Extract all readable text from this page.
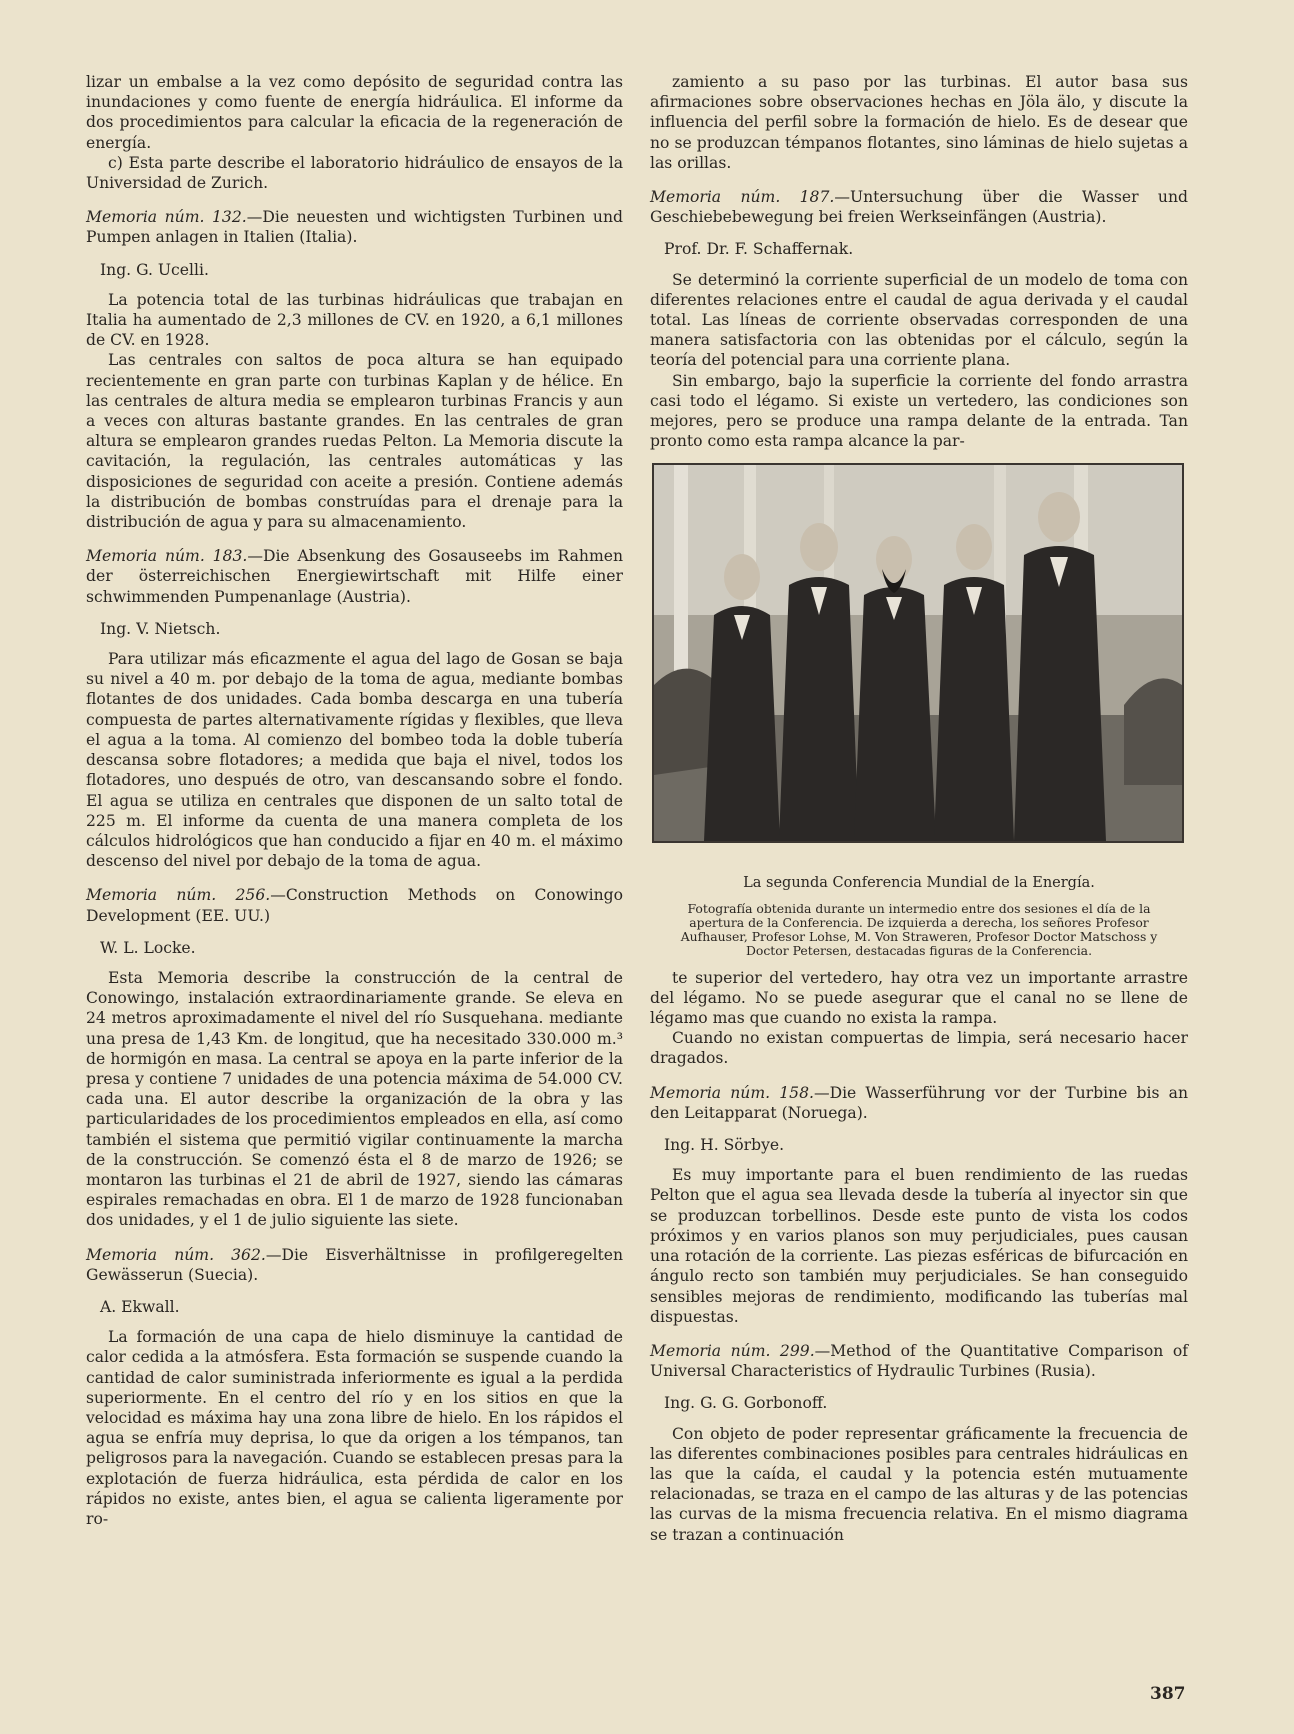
lizar un embalse a la vez como depósito de seguridad contra las inundaciones y como fuente de energía hidráulica. El informe da dos procedimientos para calcular la eficacia de la regeneración de energía.

c) Esta parte describe el laboratorio hidráulico de ensayos de la Universidad de Zurich.

Memoria núm. 132.—Die neuesten und wichtigsten Turbinen und Pumpen anlagen in Italien (Italia).

Ing. G. Ucelli.

La potencia total de las turbinas hidráulicas que trabajan en Italia ha aumentado de 2,3 millones de CV. en 1920, a 6,1 millones de CV. en 1928.

Las centrales con saltos de poca altura se han equipado recientemente en gran parte con turbinas Kaplan y de hélice. En las centrales de altura media se emplearon turbinas Francis y aun a veces con alturas bastante grandes. En las centrales de gran altura se emplearon grandes ruedas Pelton. La Memoria discute la cavitación, la regulación, las centrales automáticas y las disposiciones de seguridad con aceite a presión. Contiene además la distribución de bombas construídas para el drenaje para la distribución de agua y para su almacenamiento.

Memoria núm. 183.—Die Absenkung des Gosauseebs im Rahmen der österreichischen Energiewirtschaft mit Hilfe einer schwimmenden Pumpenanlage (Austria).

Ing. V. Nietsch.

Para utilizar más eficazmente el agua del lago de Gosan se baja su nivel a 40 m. por debajo de la toma de agua, mediante bombas flotantes de dos unidades. Cada bomba descarga en una tubería compuesta de partes alternativamente rígidas y flexibles, que lleva el agua a la toma. Al comienzo del bombeo toda la doble tubería descansa sobre flotadores; a medida que baja el nivel, todos los flotadores, uno después de otro, van descansando sobre el fondo. El agua se utiliza en centrales que disponen de un salto total de 225 m. El informe da cuenta de una manera completa de los cálculos hidrológicos que han conducido a fijar en 40 m. el máximo descenso del nivel por debajo de la toma de agua.

Memoria núm. 256.—Construction Methods on Conowingo Development (EE. UU.)

W. L. Locke.

Esta Memoria describe la construcción de la central de Conowingo, instalación extraordinariamente grande. Se eleva en 24 metros aproximadamente el nivel del río Susquehana. mediante una presa de 1,43 Km. de longitud, que ha necesitado 330.000 m.³ de hormigón en masa. La central se apoya en la parte inferior de la presa y contiene 7 unidades de una potencia máxima de 54.000 CV. cada una. El autor describe la organización de la obra y las particularidades de los procedimientos empleados en ella, así como también el sistema que permitió vigilar continuamente la marcha de la construcción. Se comenzó ésta el 8 de marzo de 1926; se montaron las turbinas el 21 de abril de 1927, siendo las cámaras espirales remachadas en obra. El 1 de marzo de 1928 funcionaban dos unidades, y el 1 de julio siguiente las siete.

Memoria núm. 362.—Die Eisverhältnisse in profilgeregelten Gewässerun (Suecia).

A. Ekwall.

La formación de una capa de hielo disminuye la cantidad de calor cedida a la atmósfera. Esta formación se suspende cuando la cantidad de calor suministrada inferiormente es igual a la perdida superiormente. En el centro del río y en los sitios en que la velocidad es máxima hay una zona libre de hielo. En los rápidos el agua se enfría muy deprisa, lo que da origen a los témpanos, tan peligrosos para la navegación. Cuando se establecen presas para la explotación de fuerza hidráulica, esta pérdida de calor en los rápidos no existe, antes bien, el agua se calienta ligeramente por ro-

zamiento a su paso por las turbinas. El autor basa sus afirmaciones sobre observaciones hechas en Jöla älo, y discute la influencia del perfil sobre la formación de hielo. Es de desear que no se produzcan témpanos flotantes, sino láminas de hielo sujetas a las orillas.

Memoria núm. 187.—Untersuchung über die Wasser und Geschiebebewegung bei freien Werkseinfängen (Austria).

Prof. Dr. F. Schaffernak.

Se determinó la corriente superficial de un modelo de toma con diferentes relaciones entre el caudal de agua derivada y el caudal total. Las líneas de corriente observadas corresponden de una manera satisfactoria con las obtenidas por el cálculo, según la teoría del potencial para una corriente plana.

Sin embargo, bajo la superficie la corriente del fondo arrastra casi todo el légamo. Si existe un vertedero, las condiciones son mejores, pero se produce una rampa delante de la entrada. Tan pronto como esta rampa alcance la par-

La segunda Conferencia Mundial de la Energía.

Fotografía obtenida durante un intermedio entre dos sesiones el día de la apertura de la Conferencia. De izquierda a derecha, los señores Profesor Aufhauser, Profesor Lohse, M. Von Straweren, Profesor Doctor Matschoss y Doctor Petersen, destacadas figuras de la Conferencia.

te superior del vertedero, hay otra vez un importante arrastre del légamo. No se puede asegurar que el canal no se llene de légamo mas que cuando no exista la rampa.

Cuando no existan compuertas de limpia, será necesario hacer dragados.

Memoria núm. 158.—Die Wasserführung vor der Turbine bis an den Leitapparat (Noruega).

Ing. H. Sörbye.

Es muy importante para el buen rendimiento de las ruedas Pelton que el agua sea llevada desde la tubería al inyector sin que se produzcan torbellinos. Desde este punto de vista los codos próximos y en varios planos son muy perjudiciales, pues causan una rotación de la corriente. Las piezas esféricas de bifurcación en ángulo recto son también muy perjudiciales. Se han conseguido sensibles mejoras de rendimiento, modificando las tuberías mal dispuestas.

Memoria núm. 299.—Method of the Quantitative Comparison of Universal Characteristics of Hydraulic Turbines (Rusia).

Ing. G. G. Gorbonoff.

Con objeto de poder representar gráficamente la frecuencia de las diferentes combinaciones posibles para centrales hidráulicas en las que la caída, el caudal y la potencia estén mutuamente relacionadas, se traza en el campo de las alturas y de las potencias las curvas de la misma frecuencia relativa. En el mismo diagrama se trazan a continuación

387
